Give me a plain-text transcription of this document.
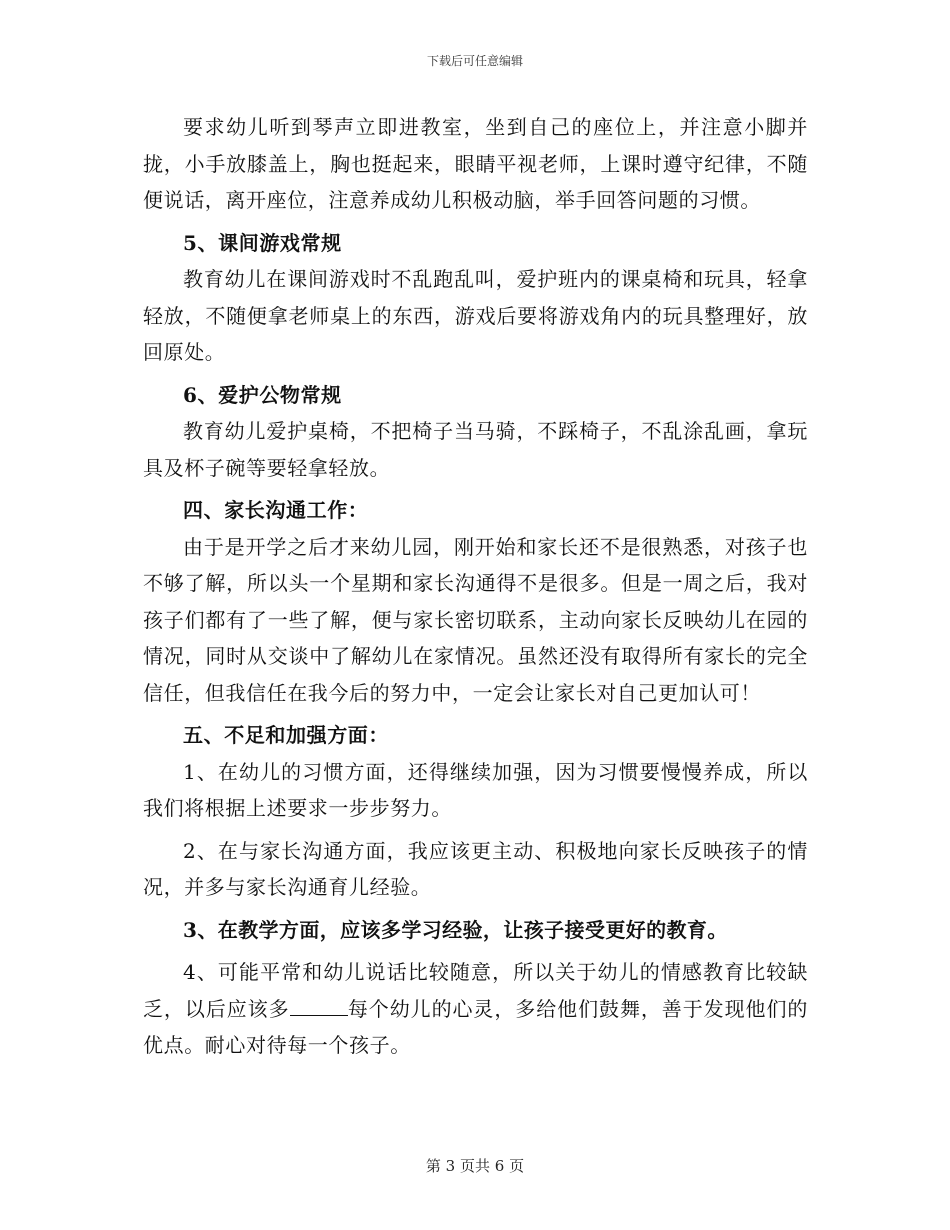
下载后可任意编辑

要求幼儿听到琴声立即进教室，坐到自己的座位上，并注意小脚并拢，小手放膝盖上，胸也挺起来，眼睛平视老师，上课时遵守纪律，不随便说话，离开座位，注意养成幼儿积极动脑，举手回答问题的习惯。

5、课间游戏常规

教育幼儿在课间游戏时不乱跑乱叫，爱护班内的课桌椅和玩具，轻拿轻放，不随便拿老师桌上的东西，游戏后要将游戏角内的玩具整理好，放回原处。

6、爱护公物常规

教育幼儿爱护桌椅，不把椅子当马骑，不踩椅子，不乱涂乱画，拿玩具及杯子碗等要轻拿轻放。

四、家长沟通工作：

由于是开学之后才来幼儿园，刚开始和家长还不是很熟悉，对孩子也不够了解，所以头一个星期和家长沟通得不是很多。但是一周之后，我对孩子们都有了一些了解，便与家长密切联系，主动向家长反映幼儿在园的情况，同时从交谈中了解幼儿在家情况。虽然还没有取得所有家长的完全信任，但我信任在我今后的努力中，一定会让家长对自己更加认可！

五、不足和加强方面：

1、在幼儿的习惯方面，还得继续加强，因为习惯要慢慢养成，所以我们将根据上述要求一步步努力。

2、在与家长沟通方面，我应该更主动、积极地向家长反映孩子的情况，并多与家长沟通育儿经验。

3、在教学方面，应该多学习经验，让孩子接受更好的教育。

4、可能平常和幼儿说话比较随意，所以关于幼儿的情感教育比较缺乏，以后应该多	每个幼儿的心灵，多给他们鼓舞，善于发现他们的优点。耐心对待每一个孩子。

第 3 页共 6 页
